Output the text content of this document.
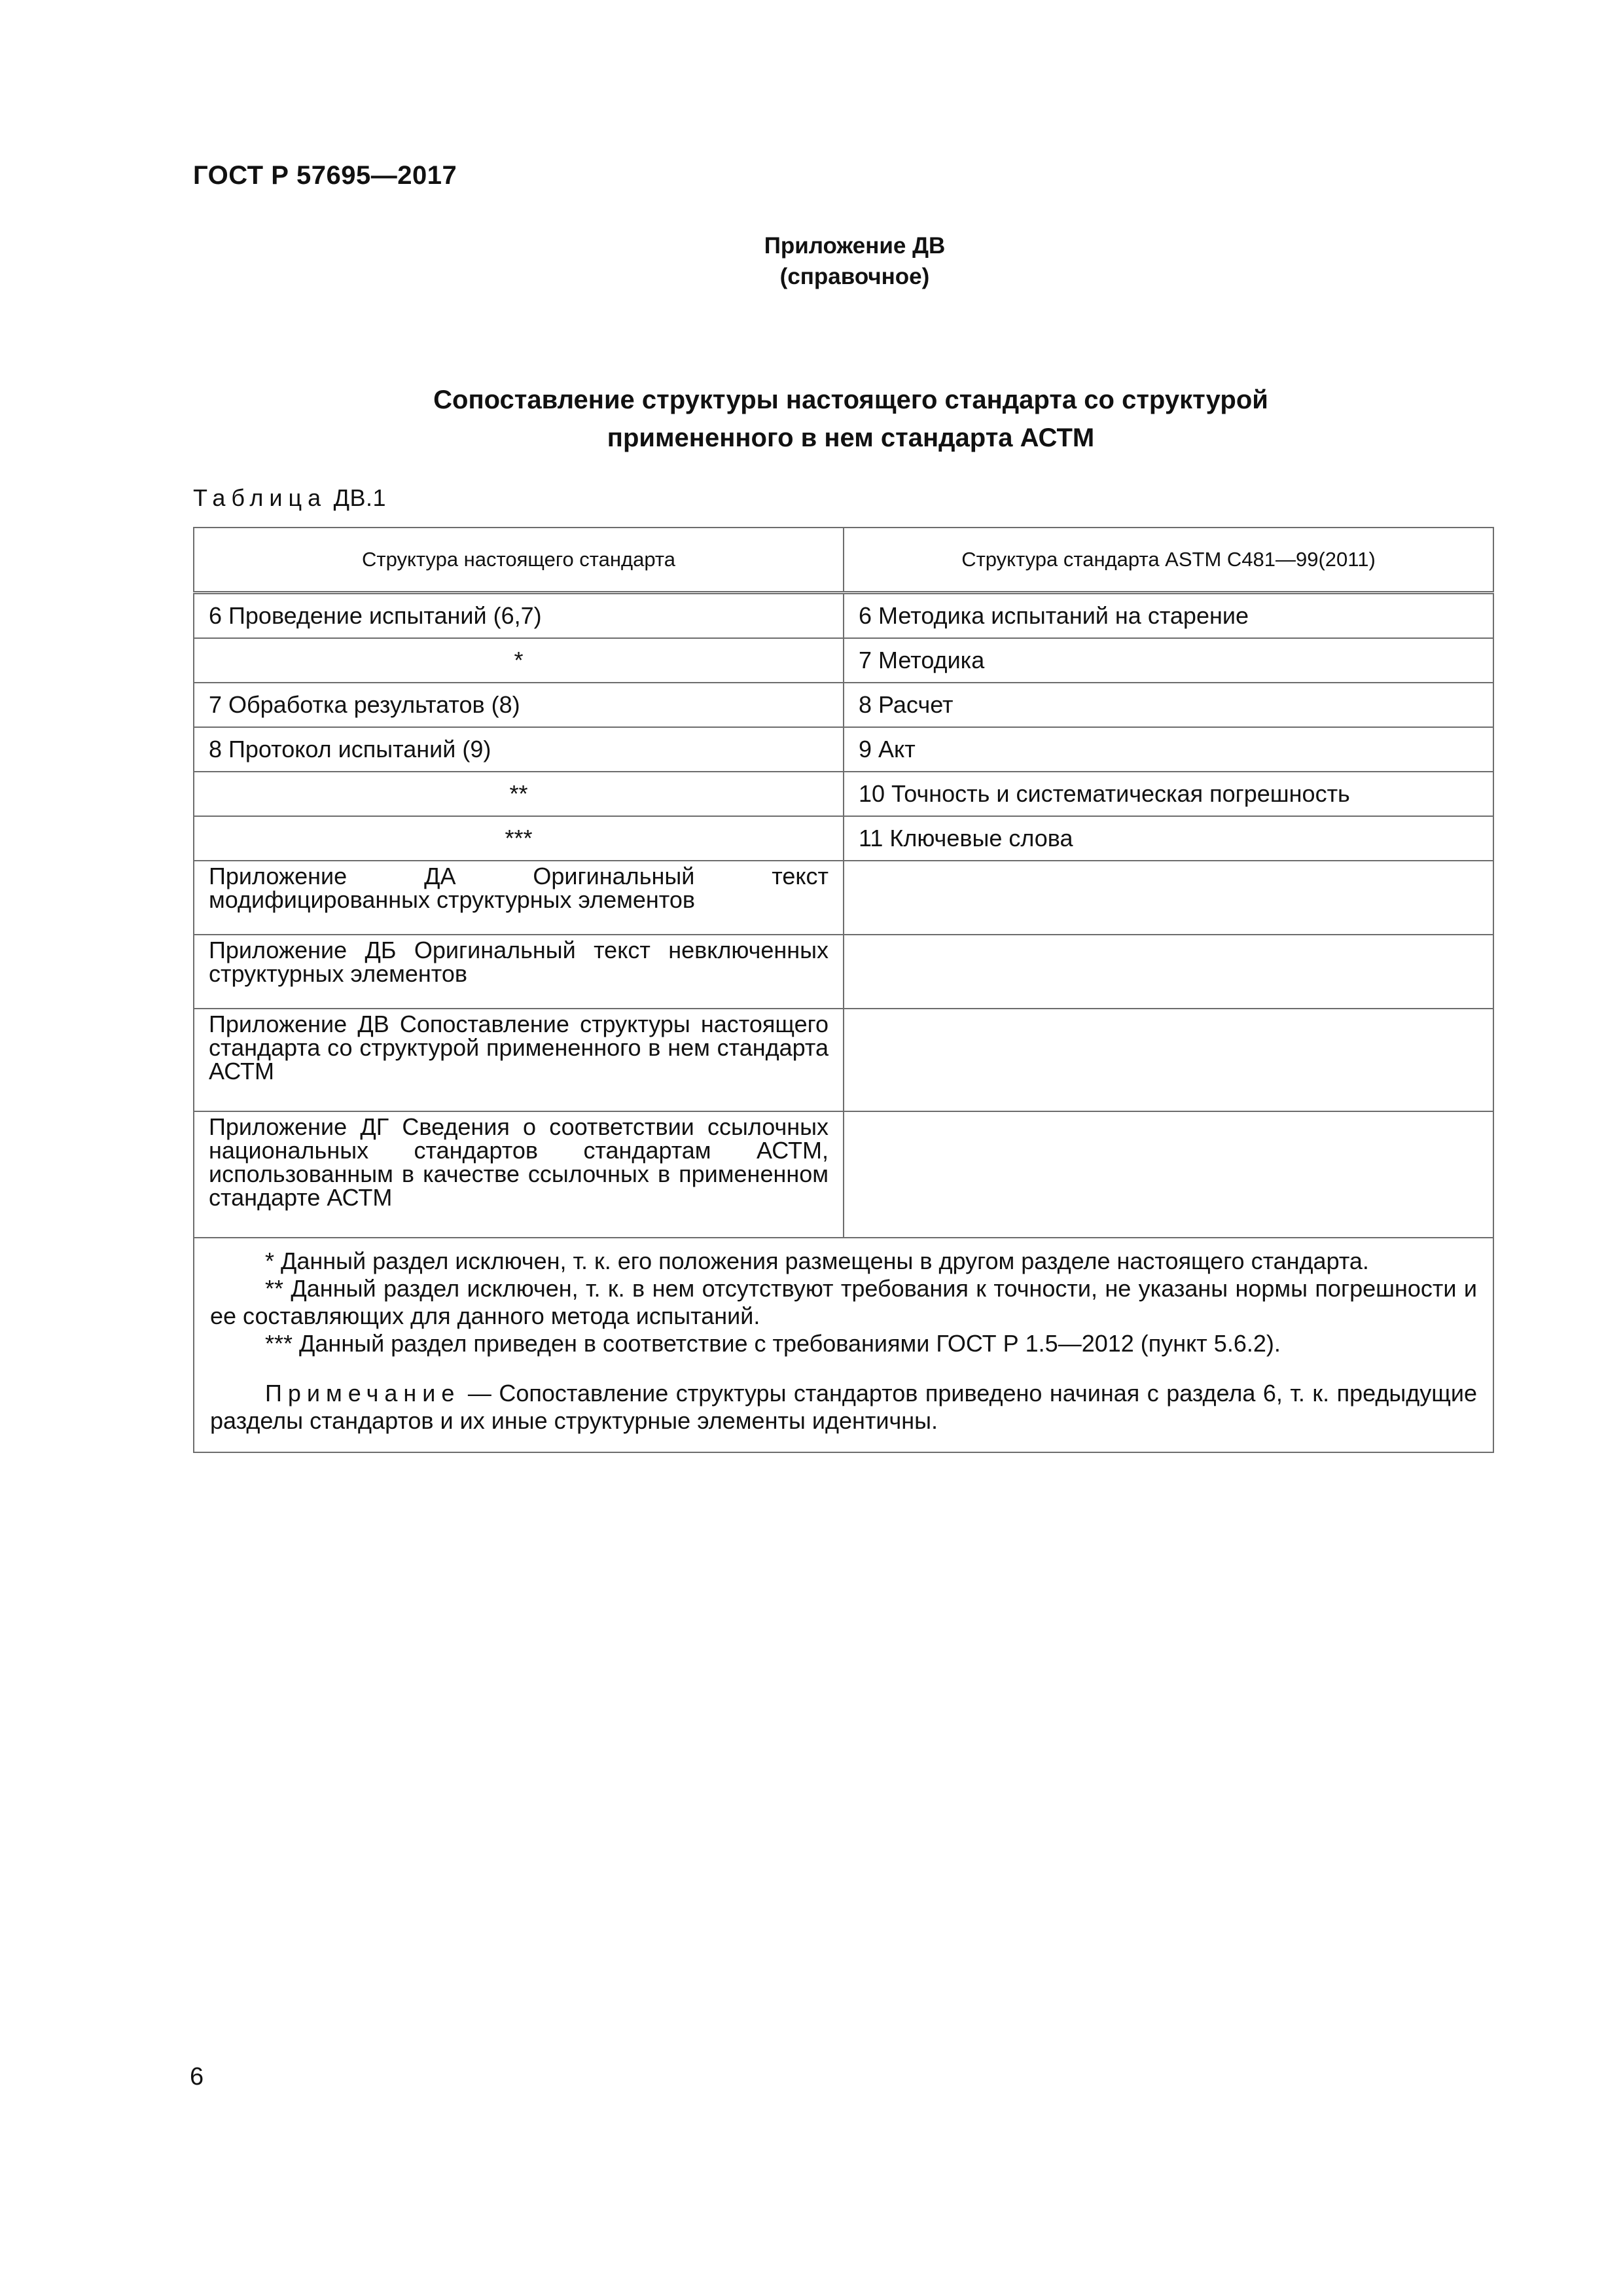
ГОСТ Р 57695—2017
Приложение ДВ
(справочное)
Сопоставление структуры настоящего стандарта со структурой
примененного в нем стандарта АСТМ
Таблица ДВ.1
Структура настоящего стандарта	Структура стандарта ASTM C481—99(2011)
6 Проведение испытаний (6,7)	6 Методика испытаний на старение
*	7 Методика
7 Обработка результатов (8)	8 Расчет
8 Протокол испытаний (9)	9 Акт
**	10 Точность и систематическая погрешность
***	11 Ключевые слова
Приложение ДА Оригинальный текст модифицированных структурных элементов	
Приложение ДБ Оригинальный текст невключенных структурных элементов	
Приложение ДВ Сопоставление структуры настоящего стандарта со структурой примененного в нем стандарта АСТМ	
Приложение ДГ Сведения о соответствии ссылочных национальных стандартов стандартам АСТМ, использованным в качестве ссылочных в примененном стандарте АСТМ	

* Данный раздел исключен, т. к. его положения размещены в другом разделе настоящего стандарта.

** Данный раздел исключен, т. к. в нем отсутствуют требования к точности, не указаны нормы погрешности и ее составляющих для данного метода испытаний.

*** Данный раздел приведен в соответствие с требованиями ГОСТ Р 1.5—2012 (пункт 5.6.2).

Примечание — Сопоставление структуры стандартов приведено начиная с раздела 6, т. к. предыдущие разделы стандартов и их иные структурные элементы идентичны.	

6
